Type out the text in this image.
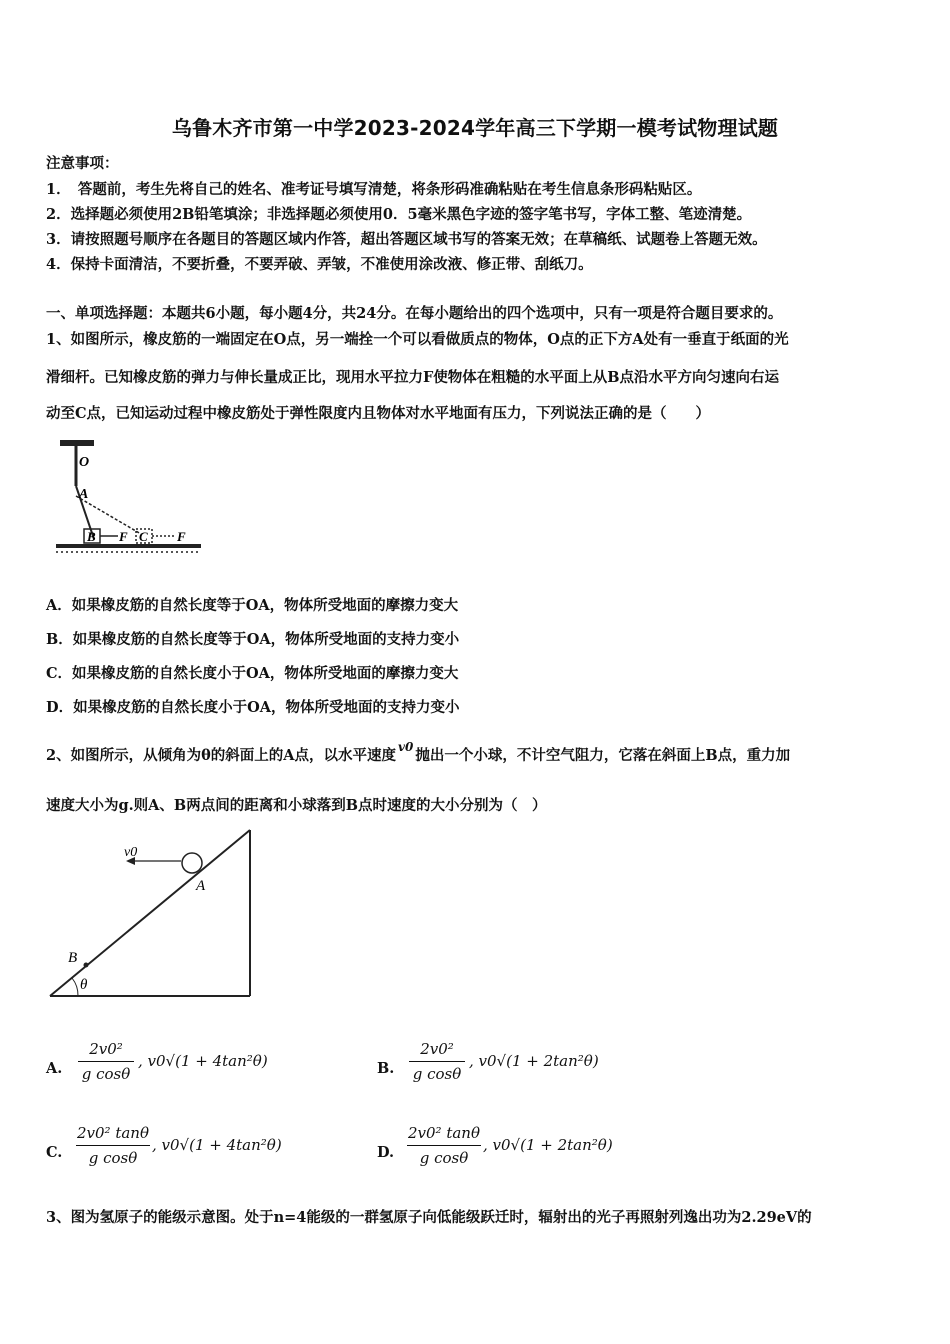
乌鲁木齐市第一中学2023-2024学年高三下学期一模考试物理试题
注意事项：
1．　答题前，考生先将自己的姓名、准考证号填写清楚，将条形码准确粘贴在考生信息条形码粘贴区。
2．选择题必须使用2B铅笔填涂；非选择题必须使用0．5毫米黑色字迹的签字笔书写，字体工整、笔迹清楚。
3．请按照题号顺序在各题目的答题区域内作答，超出答题区域书写的答案无效；在草稿纸、试题卷上答题无效。
4．保持卡面清洁，不要折叠，不要弄破、弄皱，不准使用涂改液、修正带、刮纸刀。
一、单项选择题：本题共6小题，每小题4分，共24分。在每小题给出的四个选项中，只有一项是符合题目要求的。
1、如图所示，橡皮筋的一端固定在O点，另一端拴一个可以看做质点的物体，O点的正下方A处有一垂直于纸面的光
滑细杆。已知橡皮筋的弹力与伸长量成正比，现用水平拉力F使物体在粗糙的水平面上从B点沿水平方向匀速向右运
动至C点，已知运动过程中橡皮筋处于弹性限度内且物体对水平地面有压力，下列说法正确的是（　　）
O
A
B F C F
A．如果橡皮筋的自然长度等于OA，物体所受地面的摩擦力变大
B．如果橡皮筋的自然长度等于OA，物体所受地面的支持力变小
C．如果橡皮筋的自然长度小于OA，物体所受地面的摩擦力变大
D．如果橡皮筋的自然长度小于OA，物体所受地面的支持力变小
2、如图所示，从倾角为θ的斜面上的A点，以水平速度 $^{v0}$ 抛出一个小球，不计空气阻力，它落在斜面上B点，重力加
速度大小为g.则A、B两点间的距离和小球落到B点时速度的大小分别为（　）
v0
A
B
θ
A.
2v0²
g cosθ
, v0√(1 + 4tan²θ)	B.
2v0²
g cosθ
, v0√(1 + 2tan²θ)
C.
2v0² tanθ
g cosθ
, v0√(1 + 4tan²θ)	D.
2v0² tanθ
g cosθ
, v0√(1 + 2tan²θ)
3、图为氢原子的能级示意图。处于n=4能级的一群氢原子向低能级跃迁时，辐射出的光子再照射列逸出功为2.29eV的
